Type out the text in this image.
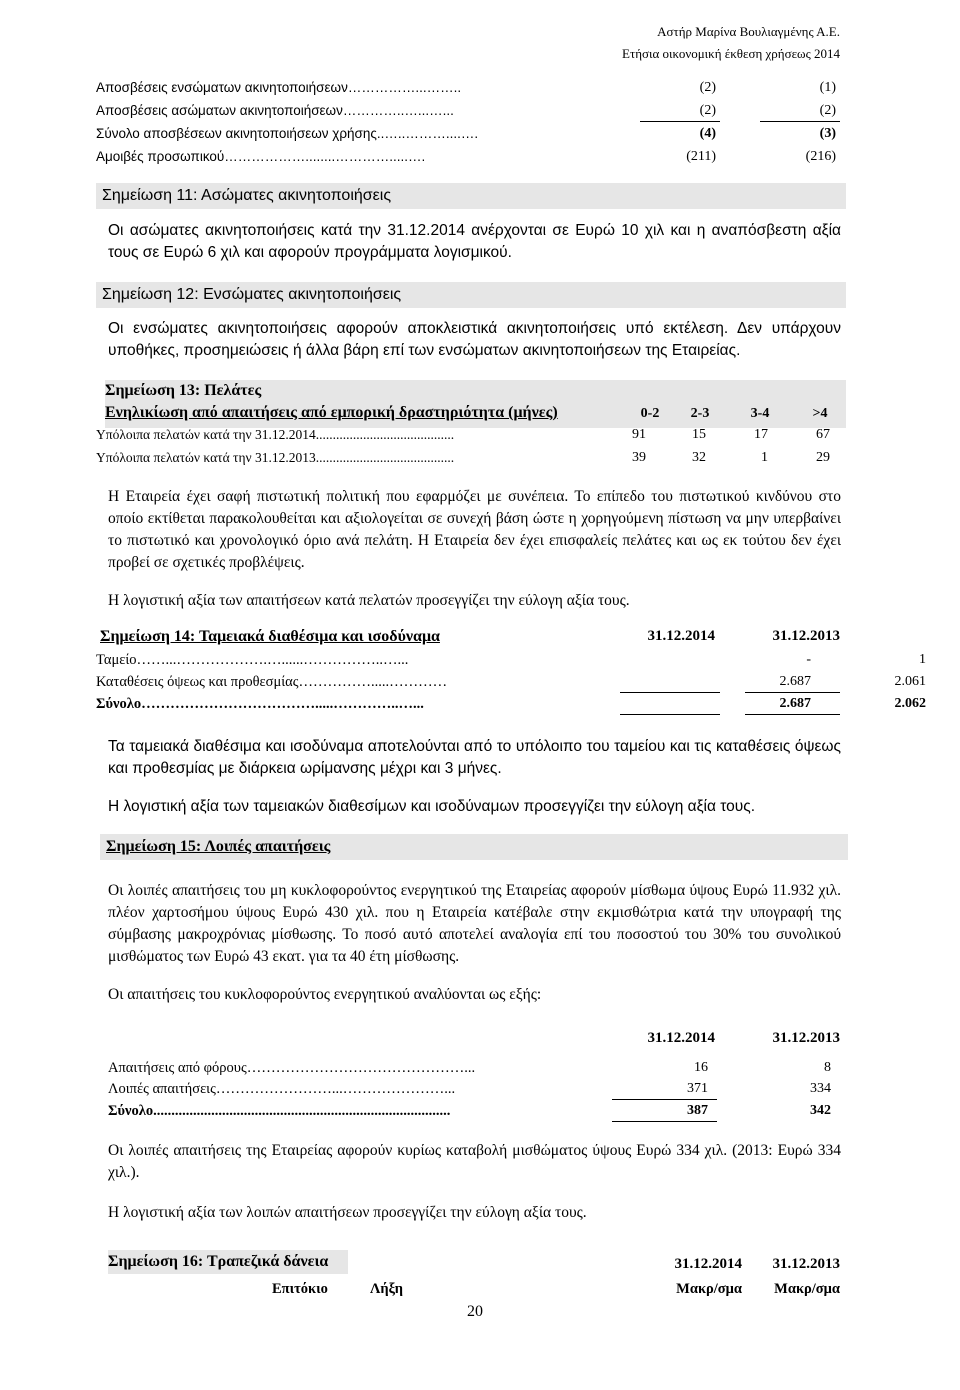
Αστήρ Μαρίνα Βουλιαγμένης Α.Ε.
Ετήσια οικονομική έκθεση χρήσεως 2014
Αποσβέσεις ενσώματων ακινητοποιήσεων……………...……..	(2)	(1)
Αποσβέσεις ασώματων ακινητοποιήσεων…………..…...…...	(2)	(2)
Σύνολο αποσβέσεων ακινητοποιήσεων χρήσης..…..………....….	(4)	(3)
Αμοιβές προσωπικού………………........………….....….	(211)	(216)
Σημείωση 11: Ασώματες ακινητοποιήσεις
Οι ασώματες ακινητοποιήσεις κατά την 31.12.2014 ανέρχονται σε Ευρώ 10 χιλ και η αναπόσβεστη αξία τους σε Ευρώ 6 χιλ και αφορούν προγράμματα λογισμικού.
Σημείωση 12: Ενσώματες ακινητοποιήσεις
Οι ενσώματες ακινητοποιήσεις αφορούν αποκλειστικά ακινητοποιήσεις υπό εκτέλεση. Δεν υπάρχουν υποθήκες, προσημειώσεις ή άλλα βάρη επί των ενσώματων ακινητοποιήσεων της Εταιρείας.
Σημείωση 13: Πελάτες
Ενηλικίωση από απαιτήσεις από εμπορική δραστηριότητα (μήνες)	0-2	2-3	3-4	>4
Υπόλοιπα πελατών κατά την 31.12.2014.........................................	91	15	17	67
Υπόλοιπα πελατών κατά την 31.12.2013.........................................	39	32	1	29
Η Εταιρεία έχει σαφή πιστωτική πολιτική που εφαρμόζει με συνέπεια. Το επίπεδο του πιστωτικού κινδύνου στο οποίο εκτίθεται παρακολουθείται και αξιολογείται σε συνεχή βάση ώστε η χορηγούμενη πίστωση να μην υπερβαίνει το πιστωτικό και χρονολογικό όριο ανά πελάτη. Η Εταιρεία δεν έχει επισφαλείς πελάτες και ως εκ τούτου δεν έχει προβεί σε σχετικές προβλέψεις.
Η λογιστική αξία των απαιτήσεων κατά πελατών προσεγγίζει την εύλογη αξία τους.
Σημείωση 14: Ταμειακά διαθέσιμα και ισοδύναμα	31.12.2014	31.12.2013
Ταμείο……...……………….…......……………..…...	-	1
Καταθέσεις όψεως και προθεσμίας…………….....…………	2.687	2.061
Σύνολο……………………………….....…………..…...	2.687	2.062
Τα ταμειακά διαθέσιμα και ισοδύναμα αποτελούνται από το υπόλοιπο του ταμείου και τις καταθέσεις όψεως και προθεσμίας με διάρκεια ωρίμανσης μέχρι και 3 μήνες.
Η λογιστική αξία των ταμειακών διαθεσίμων και ισοδύναμων προσεγγίζει την εύλογη αξία τους.
Σημείωση 15: Λοιπές απαιτήσεις
Οι λοιπές απαιτήσεις του μη κυκλοφορούντος ενεργητικού της Εταιρείας αφορούν μίσθωμα ύψους Ευρώ 11.932 χιλ. πλέον χαρτοσήμου ύψους Ευρώ 430 χιλ. που η Εταιρεία κατέβαλε στην εκμισθώτρια κατά την υπογραφή της σύμβασης μακροχρόνιας μίσθωσης. Το ποσό αυτό αποτελεί αναλογία επί του ποσοστού του 30% του συνολικού μισθώματος των Ευρώ 43 εκατ. για τα 40 έτη μίσθωσης.
Οι απαιτήσεις του κυκλοφορούντος ενεργητικού αναλύονται ως εξής:
31.12.2014	31.12.2013
Απαιτήσεις από φόρους………………………………………...	16	8
Λοιπές απαιτήσεις……………………...…………………...	371	334
Σύνολο..................................................................................	387	342
Οι λοιπές απαιτήσεις της Εταιρείας αφορούν κυρίως καταβολή μισθώματος ύψους Ευρώ 334 χιλ. (2013: Ευρώ 334 χιλ.).
Η λογιστική αξία των λοιπών απαιτήσεων προσεγγίζει την εύλογη αξία τους.
Σημείωση 16: Τραπεζικά δάνεια	31.12.2014	31.12.2013
Επιτόκιο	Λήξη	Μακρ/σμα	Μακρ/σμα
20
